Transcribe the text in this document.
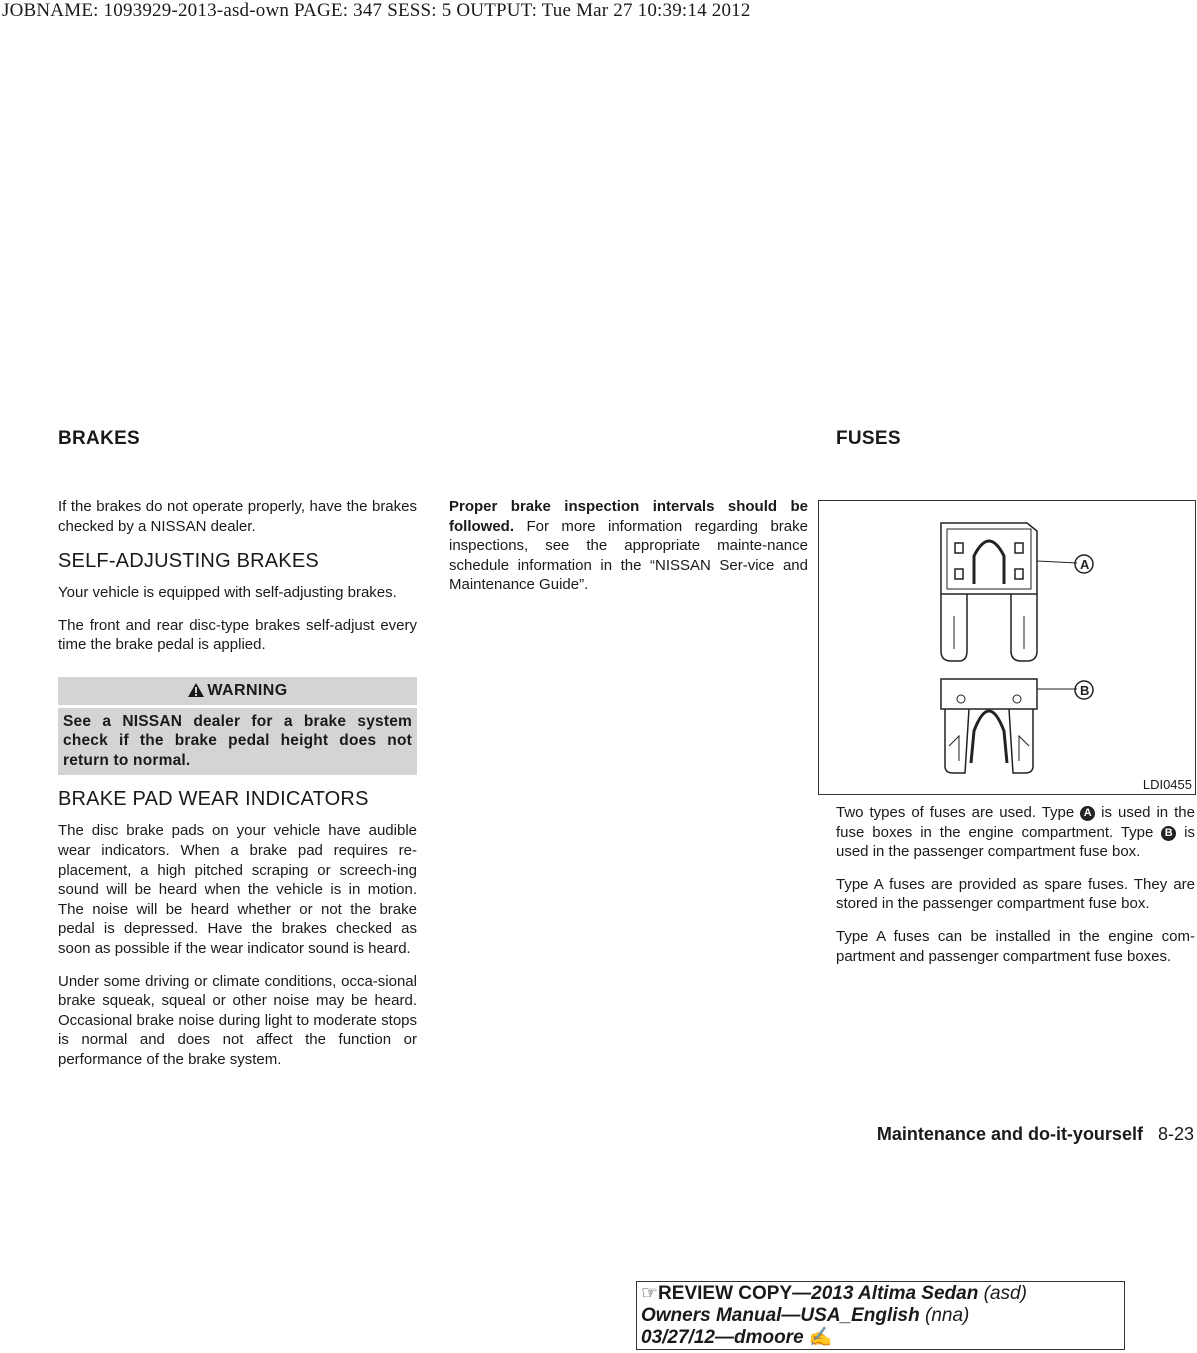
JOBNAME: 1093929-2013-asd-own PAGE: 347 SESS: 5 OUTPUT: Tue Mar 27 10:39:14 2012
BRAKES	FUSES

If the brakes do not operate properly, have the brakes checked by a NISSAN dealer.

SELF-ADJUSTING BRAKES

Your vehicle is equipped with self-adjusting brakes.

The front and rear disc-type brakes self-adjust every time the brake pedal is applied.

WARNING
See a NISSAN dealer for a brake system check if the brake pedal height does not return to normal.
BRAKE PAD WEAR INDICATORS

The disc brake pads on your vehicle have audible wear indicators. When a brake pad requires re-placement, a high pitched scraping or screech-ing sound will be heard when the vehicle is in motion. The noise will be heard whether or not the brake pedal is depressed. Have the brakes checked as soon as possible if the wear indicator sound is heard.

Under some driving or climate conditions, occa-sional brake squeak, squeal or other noise may be heard. Occasional brake noise during light to moderate stops is normal and does not affect the function or performance of the brake system.

Proper brake inspection intervals should be followed. For more information regarding brake inspections, see the appropriate mainte-nance schedule information in the “NISSAN Ser-vice and Maintenance Guide”.

A
B
LDI0455

Two types of fuses are used. Type A is used in the fuse boxes in the engine compartment. Type B is used in the passenger compartment fuse box.

Type A fuses are provided as spare fuses. They are stored in the passenger compartment fuse box.

Type A fuses can be installed in the engine com-partment and passenger compartment fuse boxes.

Maintenance and do-it-yourself 8-23
☞REVIEW COPY—2013 Altima Sedan (asd)
Owners Manual—USA_English (nna)
03/27/12—dmoore ✍
